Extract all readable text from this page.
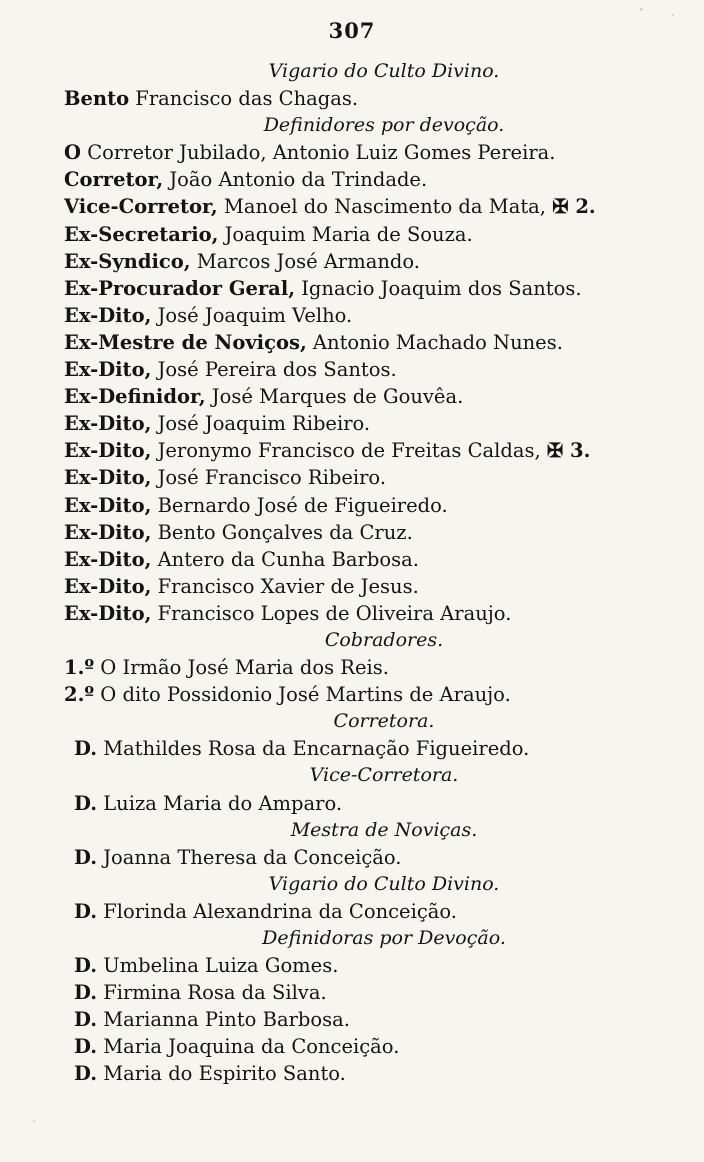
307
Vigario do Culto Divino.
Bento Francisco das Chagas.
Definidores por devoção.
O Corretor Jubilado, Antonio Luiz Gomes Pereira.
Corretor, João Antonio da Trindade.
Vice-Corretor, Manoel do Nascimento da Mata, ✠ 2.
Ex-Secretario, Joaquim Maria de Souza.
Ex-Syndico, Marcos José Armando.
Ex-Procurador Geral, Ignacio Joaquim dos Santos.
Ex-Dito, José Joaquim Velho.
Ex-Mestre de Noviços, Antonio Machado Nunes.
Ex-Dito, José Pereira dos Santos.
Ex-Definidor, José Marques de Gouvêa.
Ex-Dito, José Joaquim Ribeiro.
Ex-Dito, Jeronymo Francisco de Freitas Caldas, ✠ 3.
Ex-Dito, José Francisco Ribeiro.
Ex-Dito, Bernardo José de Figueiredo.
Ex-Dito, Bento Gonçalves da Cruz.
Ex-Dito, Antero da Cunha Barbosa.
Ex-Dito, Francisco Xavier de Jesus.
Ex-Dito, Francisco Lopes de Oliveira Araujo.
Cobradores.
1.º O Irmão José Maria dos Reis.
2.º O dito Possidonio José Martins de Araujo.
Corretora.
D. Mathildes Rosa da Encarnação Figueiredo.
Vice-Corretora.
D. Luiza Maria do Amparo.
Mestra de Noviças.
D. Joanna Theresa da Conceição.
Vigario do Culto Divino.
D. Florinda Alexandrina da Conceição.
Definidoras por Devoção.
D. Umbelina Luiza Gomes.
D. Firmina Rosa da Silva.
D. Marianna Pinto Barbosa.
D. Maria Joaquina da Conceição.
D. Maria do Espirito Santo.
